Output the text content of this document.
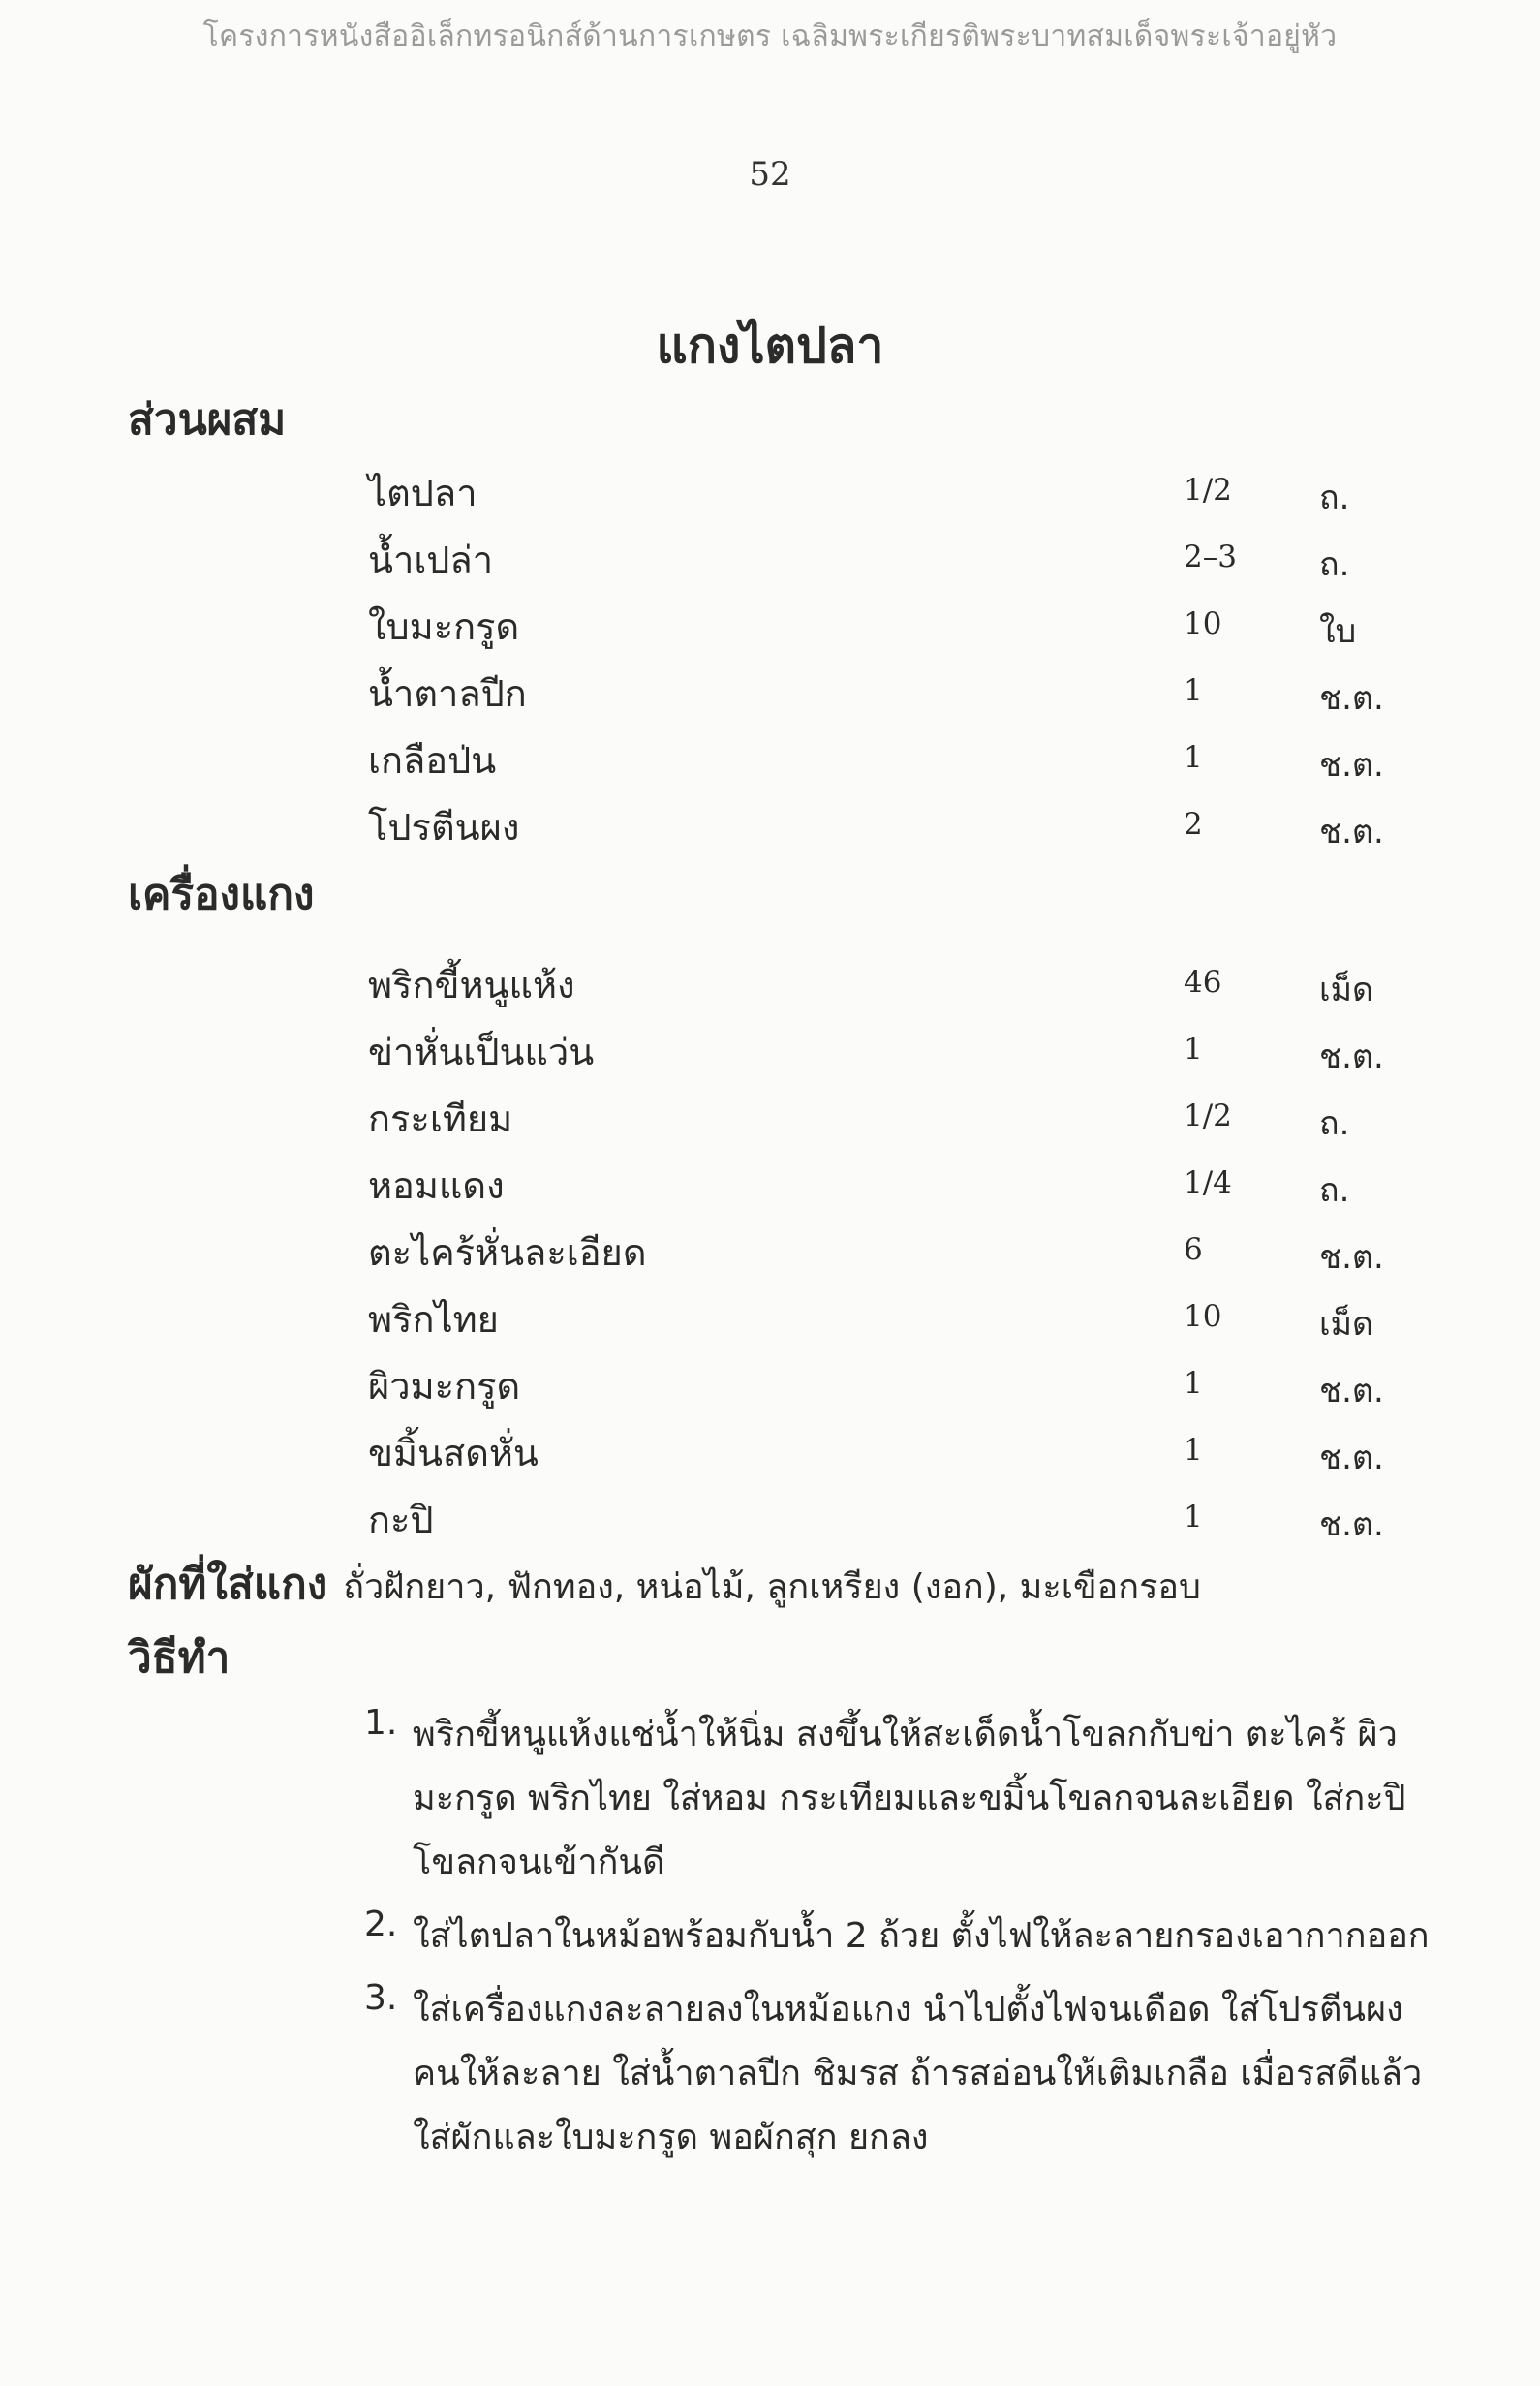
โครงการหนังสืออิเล็กทรอนิกส์ด้านการเกษตร เฉลิมพระเกียรติพระบาทสมเด็จพระเจ้าอยู่หัว
52
แกงไตปลา
ส่วนผสม
ไตปลา	1/2	ถ.
น้ำเปล่า	2–3	ถ.
ใบมะกรูด	10	ใบ
น้ำตาลปีก	1	ช.ต.
เกลือป่น	1	ช.ต.
โปรตีนผง	2	ช.ต.
เครื่องแกง
พริกขี้หนูแห้ง	46	เม็ด
ข่าหั่นเป็นแว่น	1	ช.ต.
กระเทียม	1/2	ถ.
หอมแดง	1/4	ถ.
ตะไคร้หั่นละเอียด	6	ช.ต.
พริกไทย	10	เม็ด
ผิวมะกรูด	1	ช.ต.
ขมิ้นสดหั่น	1	ช.ต.
กะปิ	1	ช.ต.
ผักที่ใส่แกง ถั่วฝักยาว, ฟักทอง, หน่อไม้, ลูกเหรียง (งอก), มะเขือกรอบ
วิธีทำ
1. พริกขี้หนูแห้งแช่น้ำให้นิ่ม สงขึ้นให้สะเด็ดน้ำโขลกกับข่า ตะไคร้ ผิวมะกรูด พริกไทย ใส่หอม กระเทียมและขมิ้นโขลกจนละเอียด ใส่กะปิ โขลกจนเข้ากันดี
2. ใส่ไตปลาในหม้อพร้อมกับน้ำ 2 ถ้วย ตั้งไฟให้ละลายกรองเอากากออก
3. ใส่เครื่องแกงละลายลงในหม้อแกง นำไปตั้งไฟจนเดือด ใส่โปรตีนผง คนให้ละลาย ใส่น้ำตาลปีก ชิมรส ถ้ารสอ่อนให้เติมเกลือ เมื่อรสดีแล้วใส่ผักและใบมะกรูด พอผักสุก ยกลง
